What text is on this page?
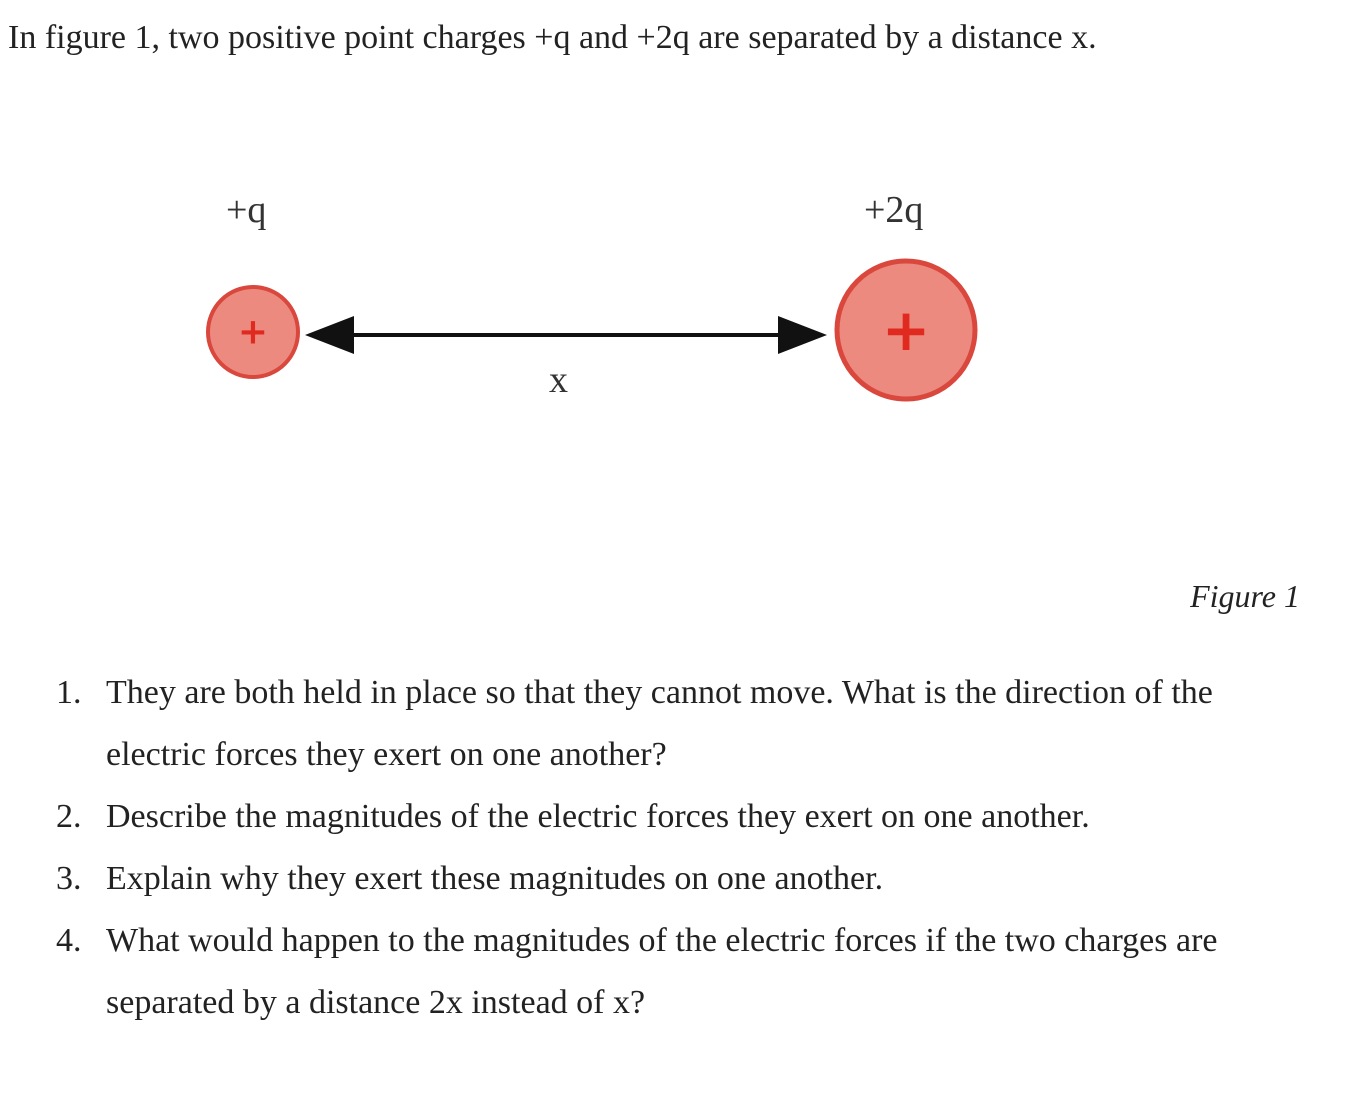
In figure 1, two positive point charges +q and +2q are separated by a distance x.

+	+
+q	+2q
x
Figure 1
1. They are both held in place so that they cannot move. What is the direction of the electric forces they exert on one another?
2. Describe the magnitudes of the electric forces they exert on one another.
3. Explain why they exert these magnitudes on one another.
4. What would happen to the magnitudes of the electric forces if the two charges are separated by a distance 2x instead of x?
